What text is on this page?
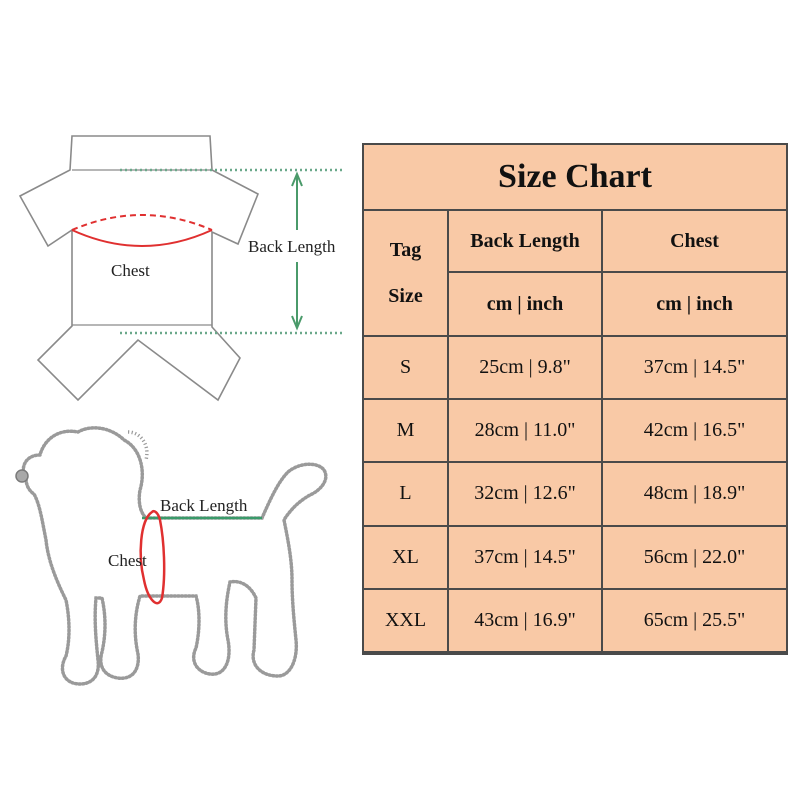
Chest
Back Length
Back Length
Chest
Size Chart		

Tag
Size	Back Length	Chest
	cm | inch	cm | inch
S	25cm | 9.8"	37cm | 14.5"
M	28cm | 11.0"	42cm | 16.5"
L	32cm | 12.6"	48cm | 18.9"
XL	37cm | 14.5"	56cm | 22.0"
XXL	43cm | 16.9"	65cm | 25.5"
